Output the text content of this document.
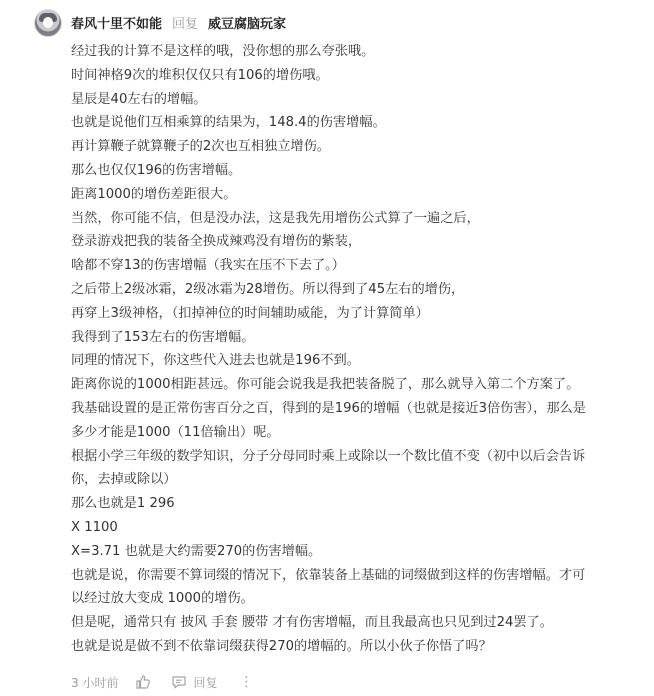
春风十里不如能 回复 威豆腐脑玩家
经过我的计算不是这样的哦，没你想的那么夸张哦。
时间神格9次的堆积仅仅只有106的增伤哦。
星辰是40左右的增幅。
也就是说他们互相乘算的结果为，148.4的伤害增幅。
再计算鞭子就算鞭子的2次也互相独立增伤。
那么也仅仅196的伤害增幅。
距离1000的增伤差距很大。
当然，你可能不信，但是没办法，这是我先用增伤公式算了一遍之后，
登录游戏把我的装备全换成辣鸡没有增伤的紫装，
啥都不穿13的伤害增幅（我实在压不下去了。）
之后带上2级冰霜，2级冰霜为28增伤。所以得到了45左右的增伤，
再穿上3级神格，（扣掉神位的时间辅助威能，为了计算简单）
我得到了153左右的伤害增幅。
同理的情况下，你这些代入进去也就是196不到。
距离你说的1000相距甚远。你可能会说我是我把装备脱了，那么就导入第二个方案了。
我基础设置的是正常伤害百分之百，得到的是196的增幅（也就是接近3倍伤害），那么是
多少才能是1000（11倍输出）呢。
根据小学三年级的数学知识，分子分母同时乘上或除以一个数比值不变（初中以后会告诉
你，去掉或除以）
那么也就是1 296
X 1100
X=3.71 也就是大约需要270的伤害增幅。
也就是说，你需要不算词缀的情况下，依靠装备上基础的词缀做到这样的伤害增幅。才可
以经过放大变成 1000的增伤。
但是呢，通常只有 披风 手套 腰带 才有伤害增幅，而且我最高也只见到过24罢了。
也就是说是做不到不依靠词缀获得270的增幅的。所以小伙子你悟了吗？
3 小时前	回复 ⋮
